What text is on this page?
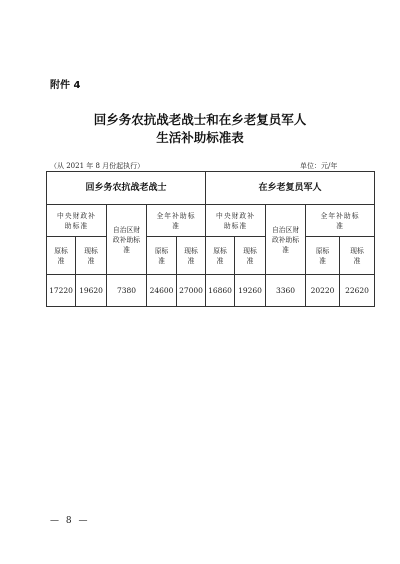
附件 4
回乡务农抗战老战士和在乡老复员军人
生活补助标准表
（从 2021 年 8 月份起执行）	单位：元/年
回乡务农抗战老战士					在乡老复员军人				
中央财政补助标准		自治区财政补助标准	全年补助标准		中央财政补助标准		自治区财政补助标准	全年补助标准	
原标准	现标准		原标准	现标准	原标准	现标准		原标准	现标准
17220	19620	7380	24600	27000	16860	19260	3360	20220	22620
— 8 —
